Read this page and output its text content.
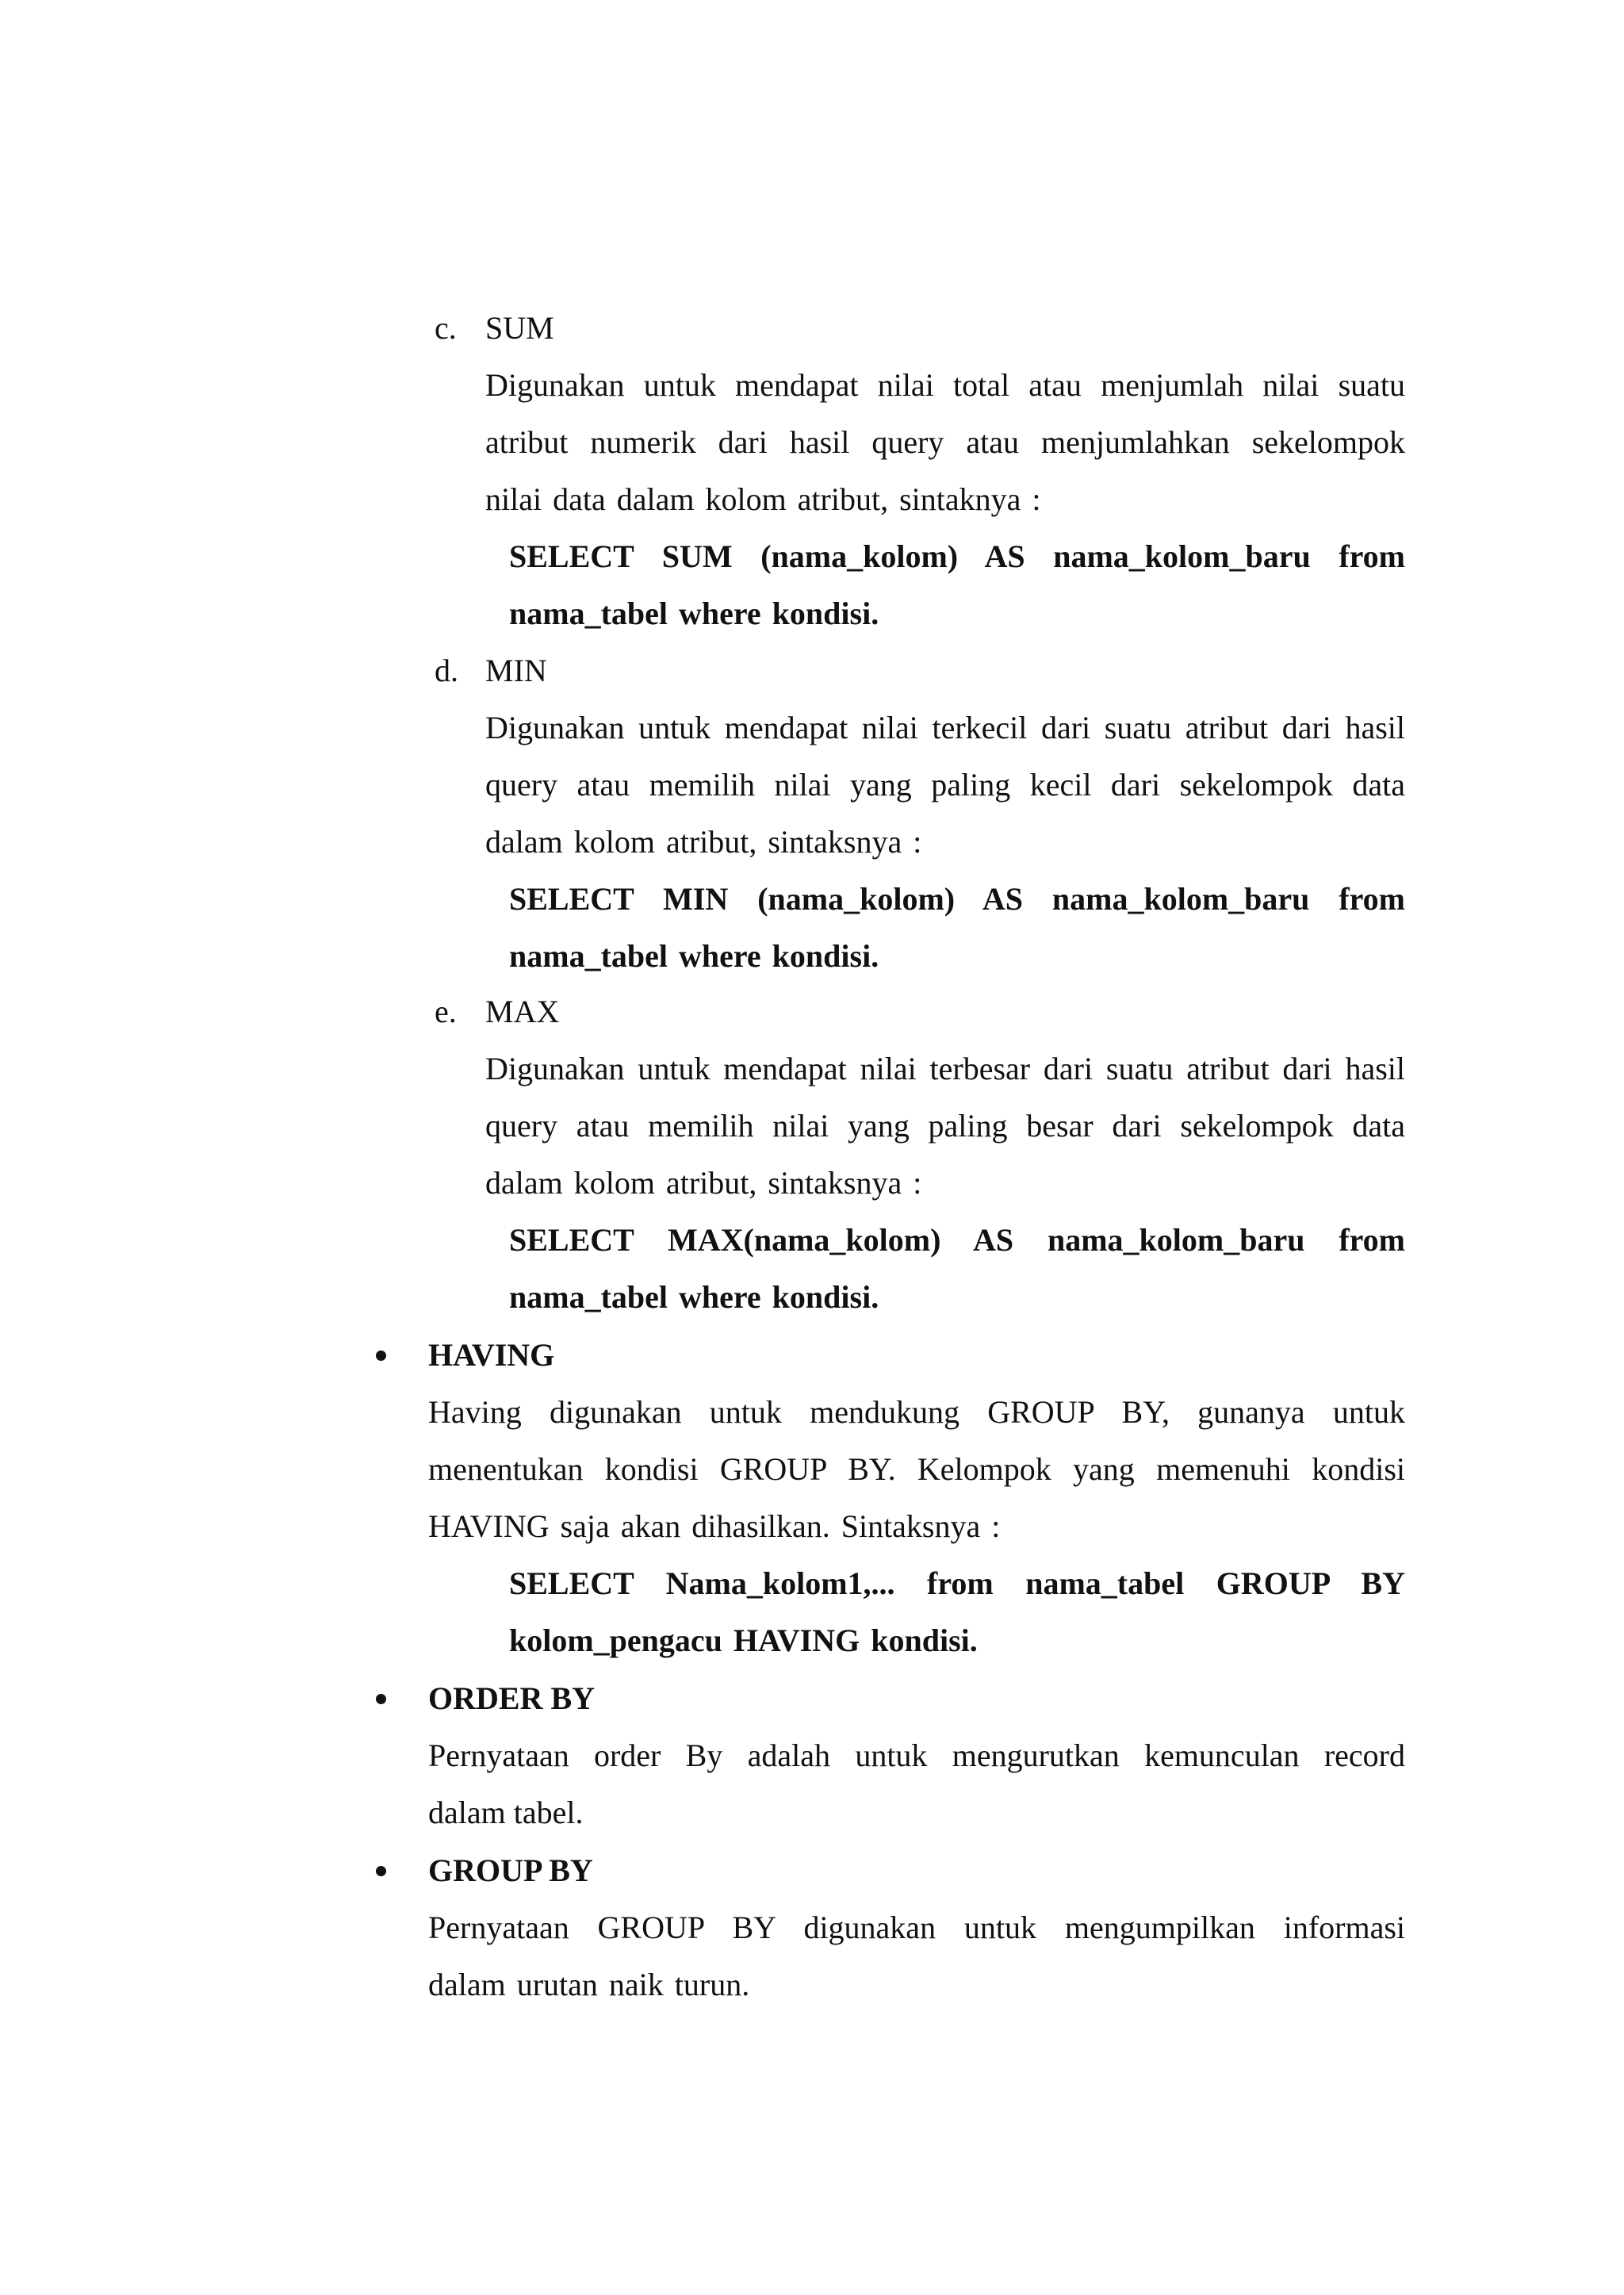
c. SUM
Digunakan untuk mendapat nilai total atau menjumlah nilai suatu
atribut numerik dari hasil query atau menjumlahkan sekelompok
nilai data dalam kolom atribut, sintaknya :
SELECT SUM (nama_kolom) AS nama_kolom_baru from
nama_tabel where kondisi.
d. MIN
Digunakan untuk mendapat nilai terkecil dari suatu atribut dari hasil
query atau memilih nilai yang paling kecil dari sekelompok data
dalam kolom atribut, sintaksnya :
SELECT MIN (nama_kolom) AS nama_kolom_baru from
nama_tabel where kondisi.
e. MAX
Digunakan untuk mendapat nilai terbesar dari suatu atribut dari hasil
query atau memilih nilai yang paling besar dari sekelompok data
dalam kolom atribut, sintaksnya :
SELECT MAX(nama_kolom) AS nama_kolom_baru from
nama_tabel where kondisi.
HAVING
Having digunakan untuk mendukung GROUP BY, gunanya untuk
menentukan kondisi GROUP BY. Kelompok yang memenuhi kondisi
HAVING saja akan dihasilkan. Sintaksnya :
SELECT Nama_kolom1,... from nama_tabel GROUP BY
kolom_pengacu HAVING kondisi.
ORDER BY
Pernyataan order By adalah untuk mengurutkan kemunculan record
dalam tabel.
GROUP BY
Pernyataan GROUP BY digunakan untuk mengumpilkan informasi
dalam urutan naik turun.
